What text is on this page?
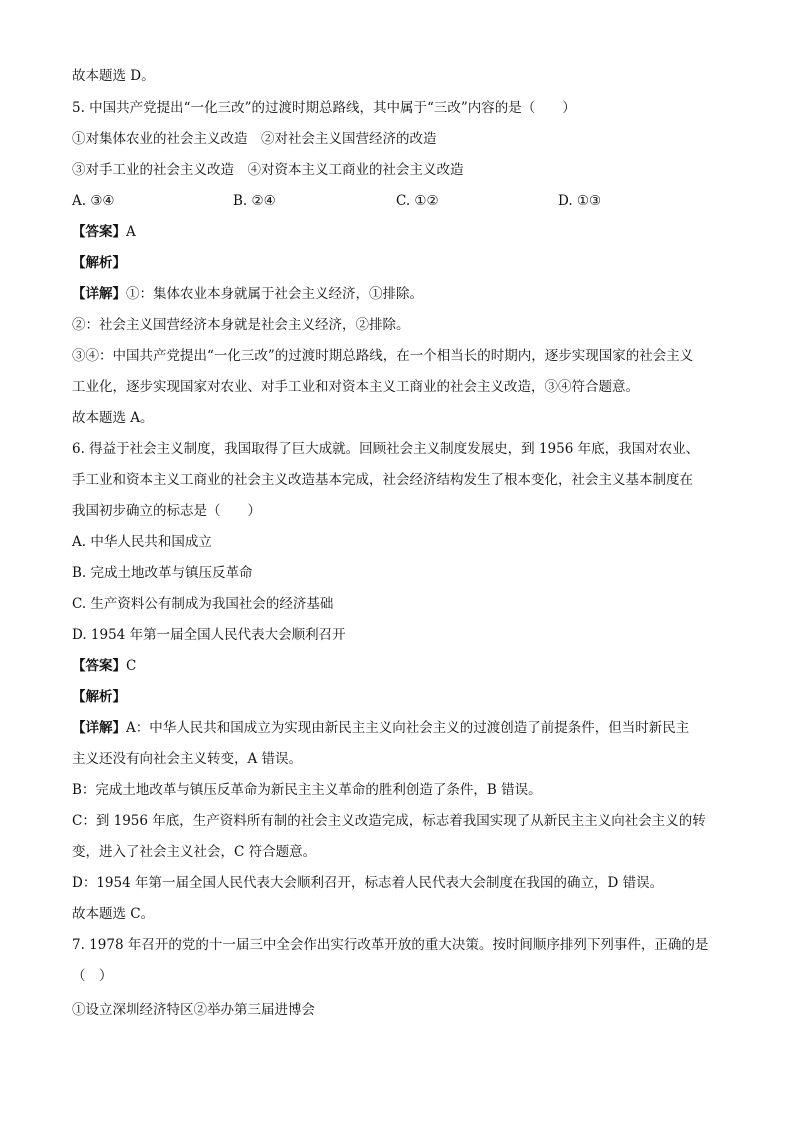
故本题选 D。
5. 中国共产党提出“一化三改”的过渡时期总路线，其中属于“三改”内容的是（　　）
①对集体农业的社会主义改造　②对社会主义国营经济的改造
③对手工业的社会主义改造　④对资本主义工商业的社会主义改造
A. ③④	B. ②④	C. ①②	D. ①③
【答案】A
【解析】
【详解】①：集体农业本身就属于社会主义经济，①排除。
②：社会主义国营经济本身就是社会主义经济，②排除。
③④：中国共产党提出“一化三改”的过渡时期总路线，在一个相当长的时期内，逐步实现国家的社会主义
工业化，逐步实现国家对农业、对手工业和对资本主义工商业的社会主义改造，③④符合题意。
故本题选 A。
6. 得益于社会主义制度，我国取得了巨大成就。回顾社会主义制度发展史，到 1956 年底，我国对农业、
手工业和资本主义工商业的社会主义改造基本完成，社会经济结构发生了根本变化，社会主义基本制度在
我国初步确立的标志是（　　）
A. 中华人民共和国成立
B. 完成土地改革与镇压反革命
C. 生产资料公有制成为我国社会的经济基础
D. 1954 年第一届全国人民代表大会顺利召开
【答案】C
【解析】
【详解】A：中华人民共和国成立为实现由新民主主义向社会主义的过渡创造了前提条件，但当时新民主
主义还没有向社会主义转变，A 错误。
B：完成土地改革与镇压反革命为新民主主义革命的胜利创造了条件，B 错误。
C：到 1956 年底，生产资料所有制的社会主义改造完成，标志着我国实现了从新民主主义向社会主义的转
变，进入了社会主义社会，C 符合题意。
D：1954 年第一届全国人民代表大会顺利召开，标志着人民代表大会制度在我国的确立，D 错误。
故本题选 C。
7. 1978 年召开的党的十一届三中全会作出实行改革开放的重大决策。按时间顺序排列下列事件，正确的是
（　）
①设立深圳经济特区②举办第三届进博会
